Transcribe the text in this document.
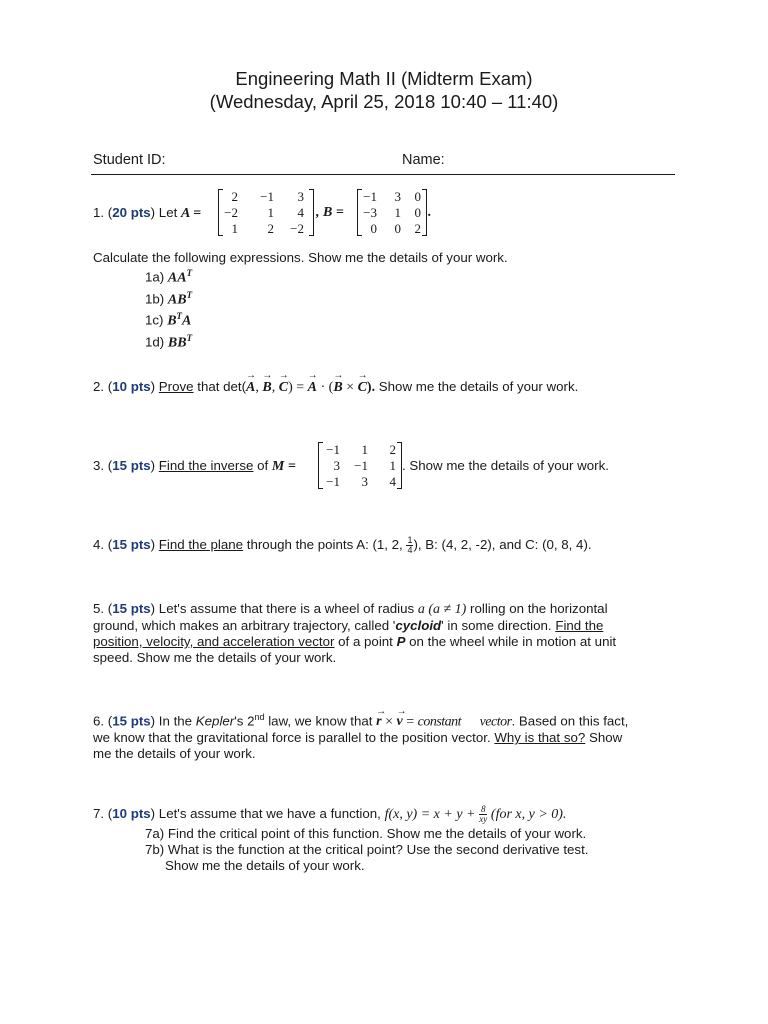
Engineering Math II (Midterm Exam)
(Wednesday, April 25, 2018 10:40 – 11:40)
Student ID:	Name:
1. (20 pts) Let A =
2 −1 3
−2 1 4
1 2 −2
, B =
−1 3 0
−3 1 0
0 0 2
.
Calculate the following expressions. Show me the details of your work.
1a) $AA^T$
1b) $AB^T$
1c) $B^TA$
1d) $BB^T$
2. (10 pts) Prove that det(→ A, → B, → C) = → A · (→ B × → C). Show me the details of your work.
3. (15 pts) Find the inverse of M =
−1 1 2
3 −1 1
−1 3 4
. Show me the details of your work.
4. (15 pts) Find the plane through the points A: (1, 2, $\frac{1}{4}$ ), B: (4, 2, -2), and C: (0, 8, 4).
5. (15 pts) Let's assume that there is a wheel of radius a (a ≠ 1) rolling on the horizontal
ground, which makes an arbitrary trajectory, called 'cycloid' in some direction. Find the
position, velocity, and acceleration vector of a point P on the wheel while in motion at unit
speed. Show me the details of your work.
6. (15 pts) In the Kepler's 2nd law, we know that → r × → v = constant vector. Based on this fact,
we know that the gravitational force is parallel to the position vector. Why is that so? Show
me the details of your work.
7. (10 pts) Let's assume that we have a function, f(x, $y) = x + y + \frac{8}{xy} (for$ x, y > 0).
7a) Find the critical point of this function. Show me the details of your work.
7b) What is the function at the critical point? Use the second derivative test.
Show me the details of your work.
